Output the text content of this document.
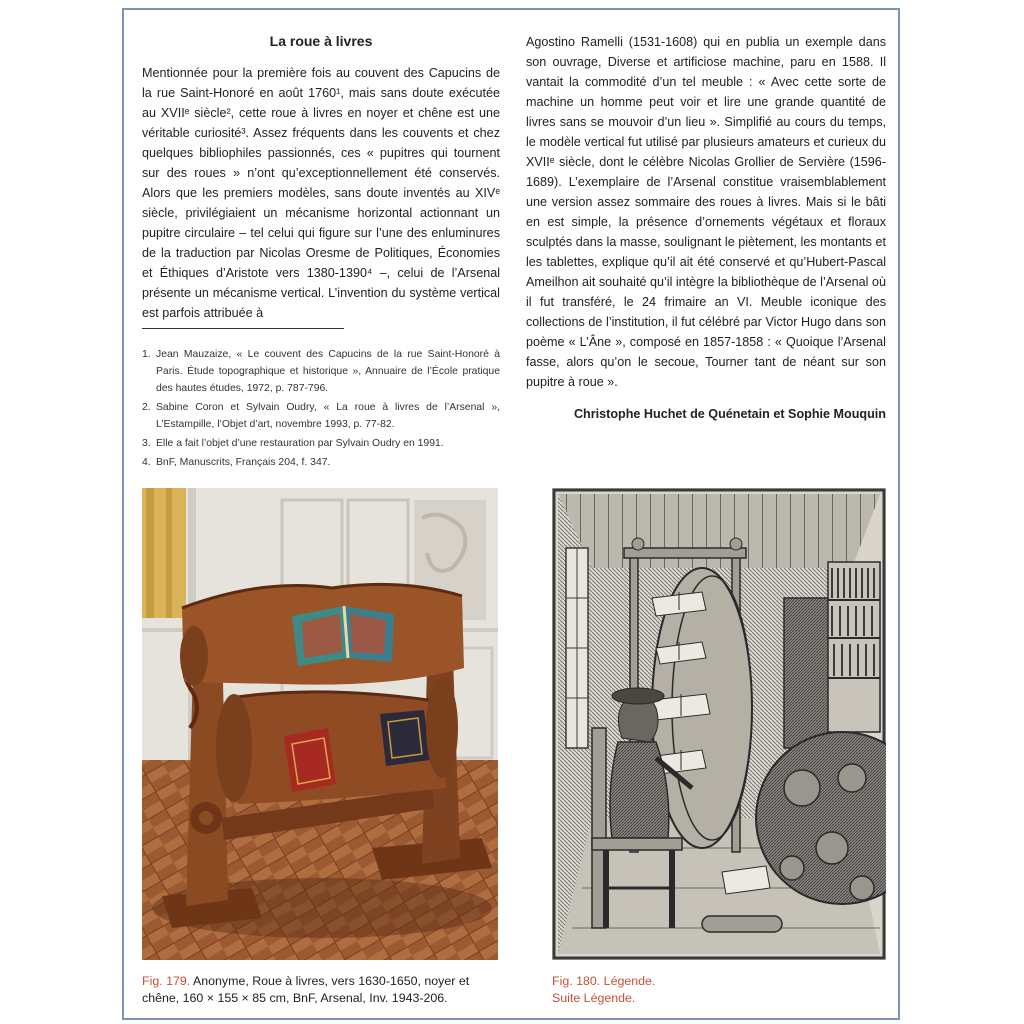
La roue à livres

Mentionnée pour la première fois au couvent des Capucins de la rue Saint-Honoré en août 1760¹, mais sans doute exécutée au XVIIᵉ siècle², cette roue à livres en noyer et chêne est une véritable curiosité³. Assez fréquents dans les couvents et chez quelques bibliophiles passionnés, ces « pupitres qui tournent sur des roues » n’ont qu’exceptionnellement été conservés. Alors que les premiers modèles, sans doute inventés au XIVᵉ siècle, privilégiaient un mécanisme horizontal actionnant un pupitre circulaire – tel celui qui figure sur l’une des enluminures de la traduction par Nicolas Oresme de Politiques, Économies et Éthiques d’Aristote vers 1380-1390⁴ –, celui de l’Arsenal présente un mécanisme vertical. L’invention du système vertical est parfois attribuée à

1. Jean Mauzaize, « Le couvent des Capucins de la rue Saint-Honoré à Paris. Étude topographique et historique », Annuaire de l’École pratique des hautes études, 1972, p. 787-796.
2. Sabine Coron et Sylvain Oudry, « La roue à livres de l’Arsenal », L’Estampille, l’Objet d’art, novembre 1993, p. 77-82.
3. Elle a fait l’objet d’une restauration par Sylvain Oudry en 1991.
4. BnF, Manuscrits, Français 204, f. 347.

Agostino Ramelli (1531-1608) qui en publia un exemple dans son ouvrage, Diverse et artificiose machine, paru en 1588. Il vantait la commodité d’un tel meuble : « Avec cette sorte de machine un homme peut voir et lire une grande quantité de livres sans se mouvoir d’un lieu ». Simplifié au cours du temps, le modèle vertical fut utilisé par plusieurs amateurs et curieux du XVIIᵉ siècle, dont le célèbre Nicolas Grollier de Servière (1596-1689). L’exemplaire de l’Arsenal constitue vraisemblablement une version assez sommaire des roues à livres. Mais si le bâti en est simple, la présence d’ornements végétaux et floraux sculptés dans la masse, soulignant le piètement, les montants et les tablettes, explique qu’il ait été conservé et qu’Hubert-Pascal Ameilhon ait souhaité qu’il intègre la bibliothèque de l’Arsenal où il fut transféré, le 24 frimaire an VI. Meuble iconique des collections de l’institution, il fut célébré par Victor Hugo dans son poème « L’Âne », composé en 1857-1858 : « Quoique l’Arsenal fasse, alors qu’on le secoue, Tourner tant de néant sur son pupitre à roue ».

Christophe Huchet de Quénetain et Sophie Mouquin
Fig. 179. Anonyme, Roue à livres, vers 1630-1650, noyer et chêne, 160 × 155 × 85 cm, BnF, Arsenal, Inv. 1943-206.
Fig. 180. Légende.
Suite Légende.
